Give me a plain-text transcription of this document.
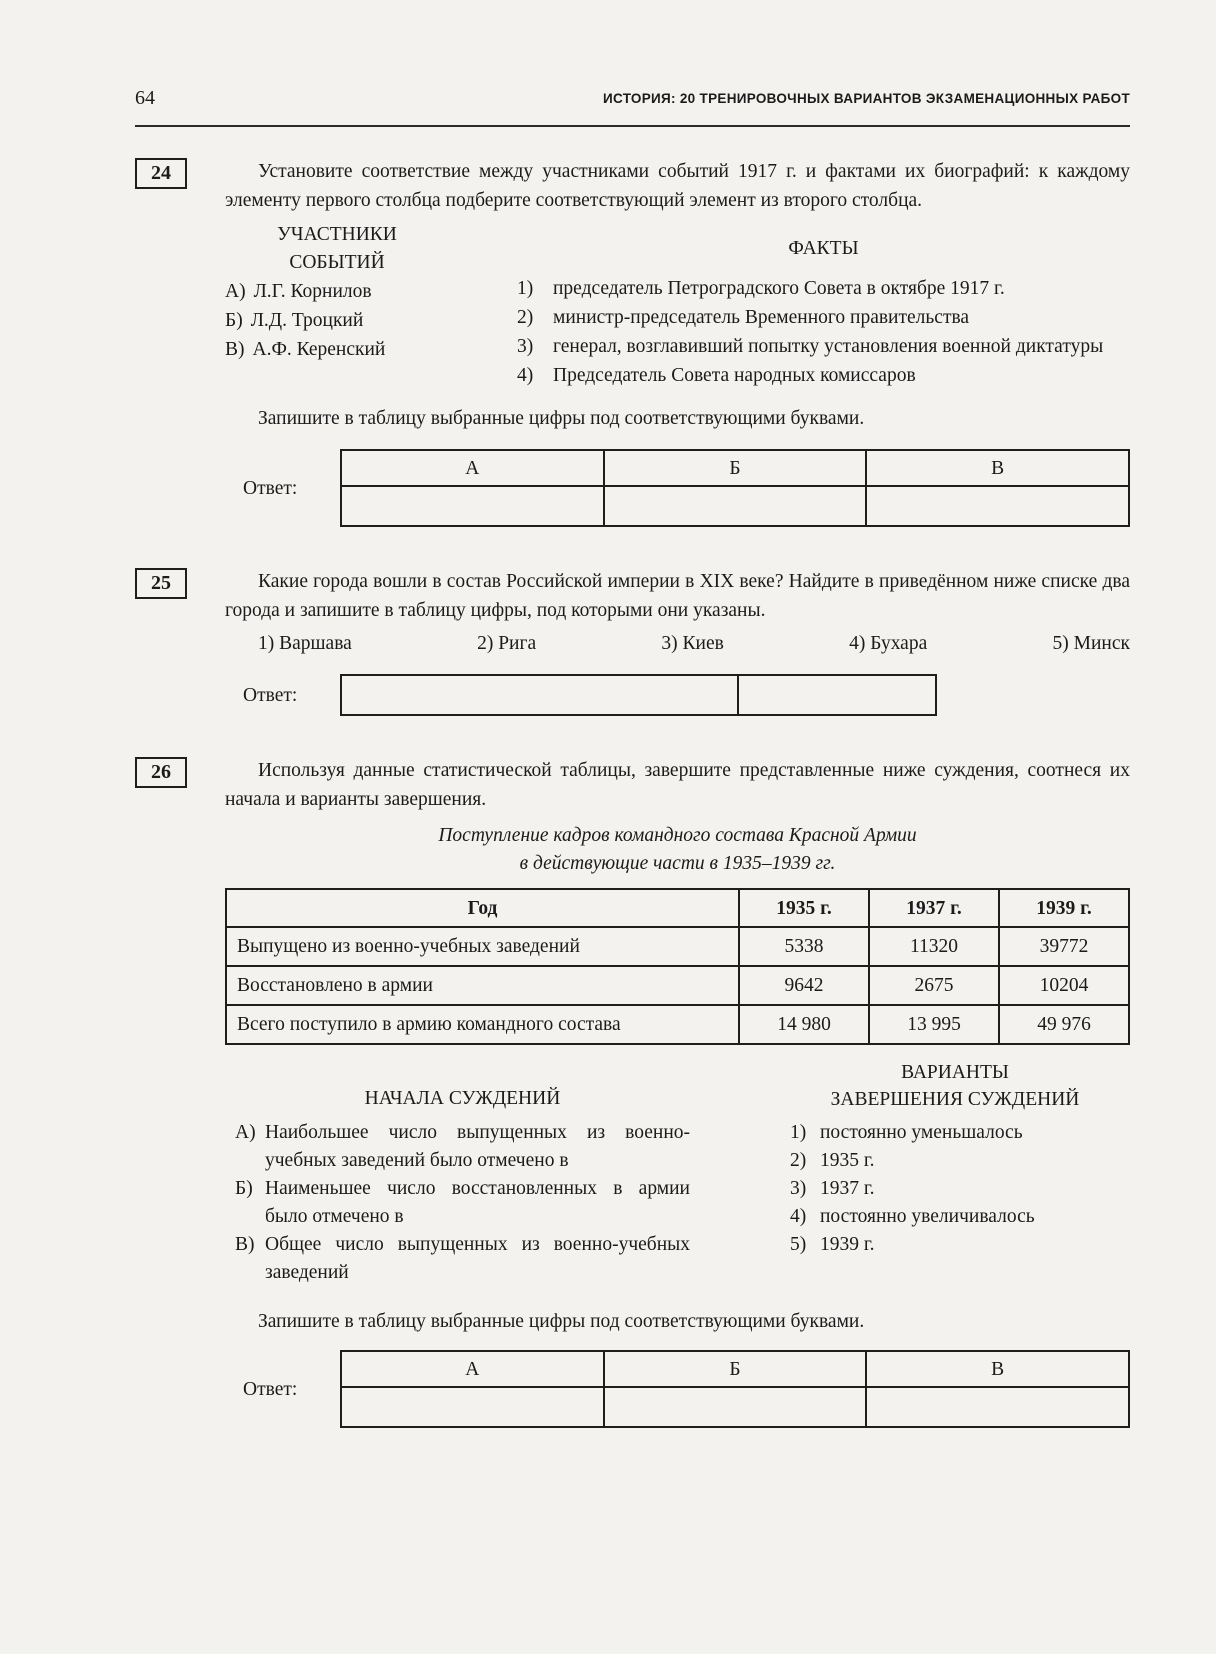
64	ИСТОРИЯ: 20 ТРЕНИРОВОЧНЫХ ВАРИАНТОВ ЭКЗАМЕНАЦИОННЫХ РАБОТ
24	Установите соответствие между участниками событий 1917 г. и фактами их биографий: к каждому элементу первого столбца подберите соответствующий элемент из второго столбца.

УЧАСТНИКИ
СОБЫТИЙ
А) Л.Г. Корнилов
Б) Л.Д. Троцкий
В) А.Ф. Керенский
ФАКТЫ
1) председатель Петроградского Совета в октябре 1917 г.
2) министр-председатель Временного правительства
3) генерал, возглавивший попытку установления военной диктатуры
4) Председатель Совета народных комиссаров

Запишите в таблицу выбранные цифры под соответствующими буквами.

Ответ:
А	Б	В

25	Какие города вошли в состав Российской империи в XIX веке? Найдите в приведённом ниже списке два города и запишите в таблицу цифры, под которыми они указаны.

1) Варшава	2) Рига	3) Киев	4) Бухара	5) Минск
Ответ:

26	Используя данные статистической таблицы, завершите представленные ниже суждения, соотнеся их начала и варианты завершения.

Поступление кадров командного состава Красной Армии
в действующие части в 1935–1939 гг.
Год	1935 г.	1937 г.	1939 г.
Выпущено из военно-учебных заведений	5338	11320	39772
Восстановлено в армии	9642	2675	10204
Всего поступило в армию командного состава	14 980	13 995	49 976
НАЧАЛА СУЖДЕНИЙ
А) Наибольшее число выпущенных из военно-учебных заведений было отмечено в
Б) Наименьшее число восстановленных в армии было отмечено в
В) Общее число выпущенных из военно-учебных заведений
ВАРИАНТЫ
ЗАВЕРШЕНИЯ СУЖДЕНИЙ
1) постоянно уменьшалось
2) 1935 г.
3) 1937 г.
4) постоянно увеличивалось
5) 1939 г.

Запишите в таблицу выбранные цифры под соответствующими буквами.

Ответ:
А	Б	В
